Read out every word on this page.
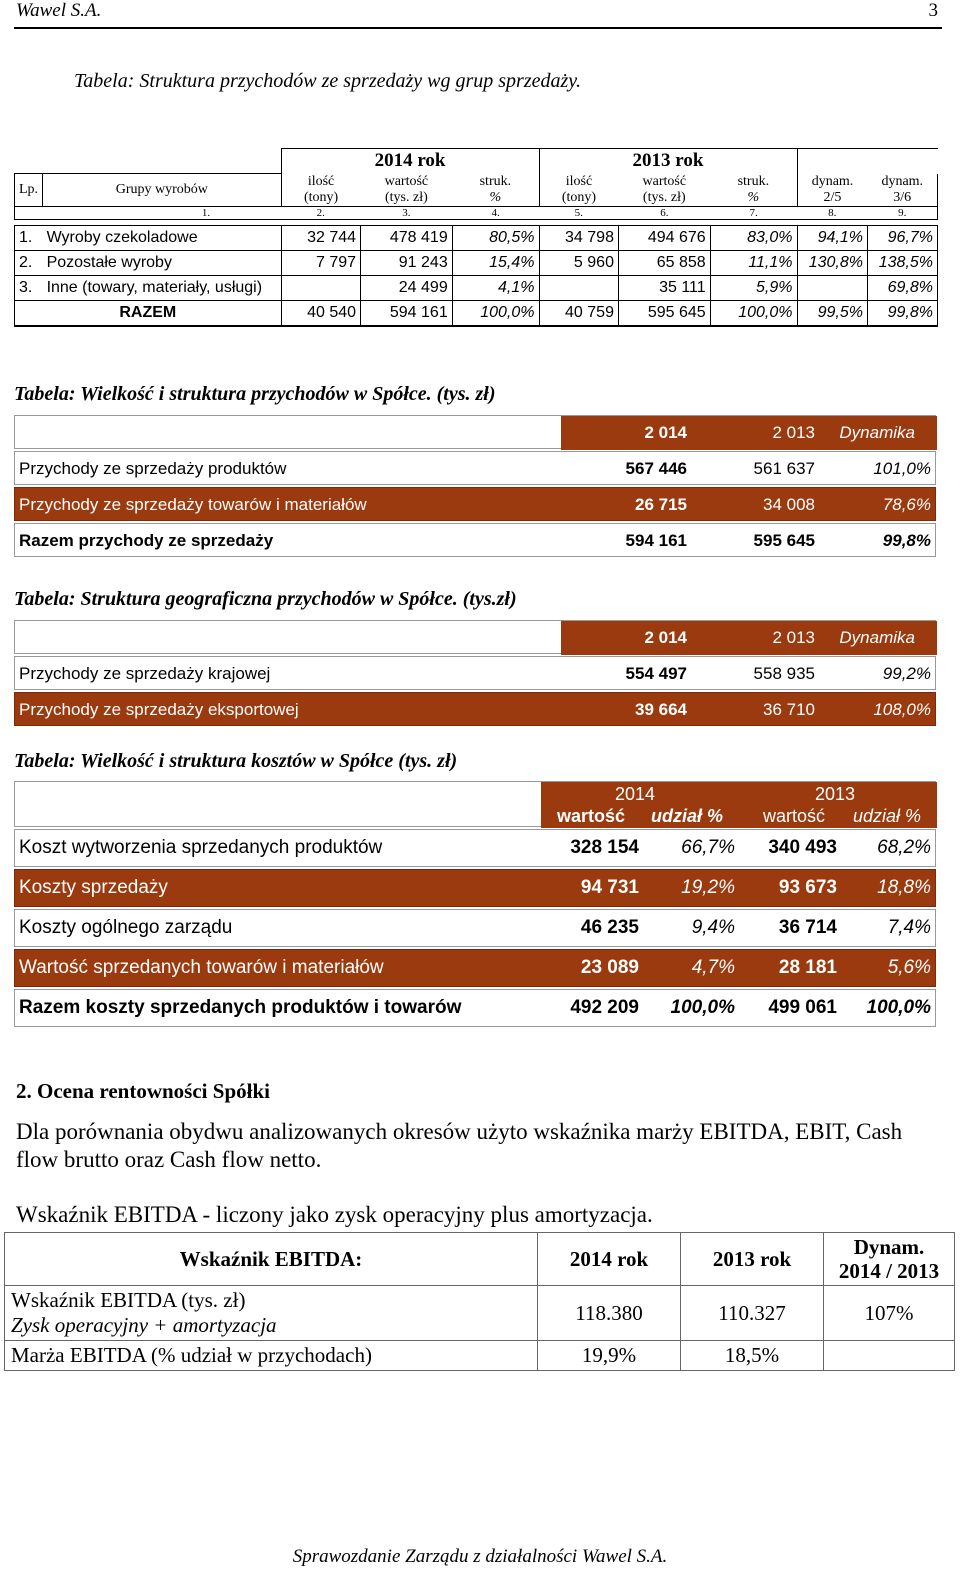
Wawel S.A.	3
Tabela: Struktura przychodów ze sprzedaży wg grup sprzedaży.
		2014 rok			2013 rok				
Lp.	Grupy wyrobów	ilość	wartość	struk.	ilość	wartość	struk.	dynam.	dynam.
		(tony)	(tys. zł)	%	(tony)	(tys. zł)	%	2/5	3/6
1.		2.	3.	4.	5.	6.	7.	8.	9.

1.	Wyroby czekoladowe	32 744	478 419	80,5%	34 798	494 676	83,0%	94,1%	96,7%
2.	Pozostałe wyroby	7 797	91 243	15,4%	5 960	65 858	11,1%	130,8%	138,5%
3.	Inne (towary, materiały, usługi)		24 499	4,1%		35 111	5,9%		69,8%
RAZEM		40 540	594 161	100,0%	40 759	595 645	100,0%	99,5%	99,8%
Tabela: Wielkość i struktura przychodów w Spółce. (tys. zł)
2 014	2 013	Dynamika
Przychody ze sprzedaży produktów	567 446	561 637	101,0%
Przychody ze sprzedaży towarów i materiałów	26 715	34 008	78,6%
Razem przychody ze sprzedaży	594 161	595 645	99,8%
Tabela: Struktura geograficzna przychodów w Spółce. (tys.zł)
2 014	2 013	Dynamika
Przychody ze sprzedaży krajowej	554 497	558 935	99,2%
Przychody ze sprzedaży eksportowej	39 664	36 710	108,0%
Tabela: Wielkość i struktura kosztów w Spółce (tys. zł)
2014	2013
wartość udział % wartość udział %
Koszt wytworzenia sprzedanych produktów	328 154	66,7%	340 493	68,2%
Koszty sprzedaży	94 731	19,2%	93 673	18,8%
Koszty ogólnego zarządu	46 235	9,4%	36 714	7,4%
Wartość sprzedanych towarów i materiałów	23 089	4,7%	28 181	5,6%
Razem koszty sprzedanych produktów i towarów	492 209	100,0%	499 061	100,0%
2. Ocena rentowności Spółki
Dla porównania obydwu analizowanych okresów użyto wskaźnika marży EBITDA, EBIT, Cash flow brutto oraz Cash flow netto.
Wskaźnik EBITDA - liczony jako zysk operacyjny plus amortyzacja.
Wskaźnik EBITDA:	2014 rok	2013 rok	Dynam.
2014 / 2013

Wskaźnik EBITDA (tys. zł)
Zysk operacyjny + amortyzacja	118.380	110.327	107%
Marża EBITDA (% udział w przychodach)	19,9%	18,5%	
Sprawozdanie Zarządu z działalności Wawel S.A.
